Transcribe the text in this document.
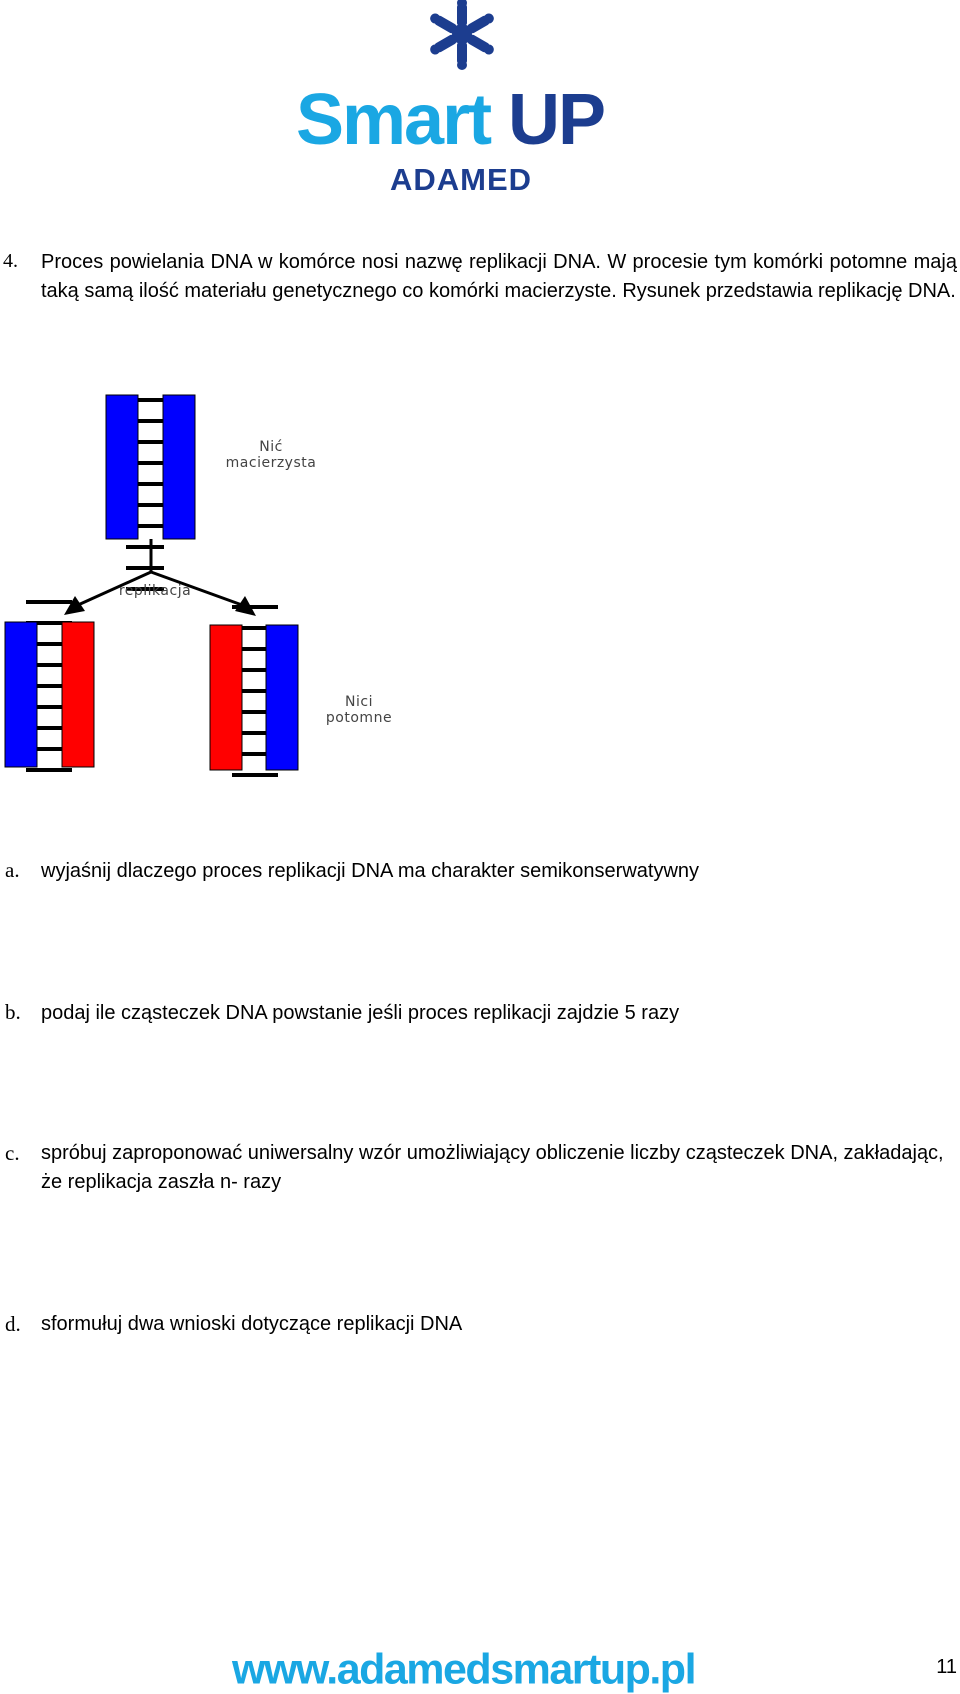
Smart UP
ADAMED
4. Proces powielania DNA w komórce nosi nazwę replikacji DNA. W procesie tym komórki potomne mają taką samą ilość materiału genetycznego co komórki macierzyste. Rysunek przedstawia replikację DNA.

Nić
macierzysta
replikacja
Nici
potomne
a. wyjaśnij dlaczego proces replikacji DNA ma charakter semikonserwatywny

b. podaj ile cząsteczek DNA powstanie jeśli proces replikacji zajdzie 5 razy

c. spróbuj zaproponować uniwersalny wzór umożliwiający obliczenie liczby cząsteczek DNA, zakładając, że replikacja zaszła n- razy

d. sformułuj dwa wnioski dotyczące replikacji DNA

www.adamedsmartup.pl	11
